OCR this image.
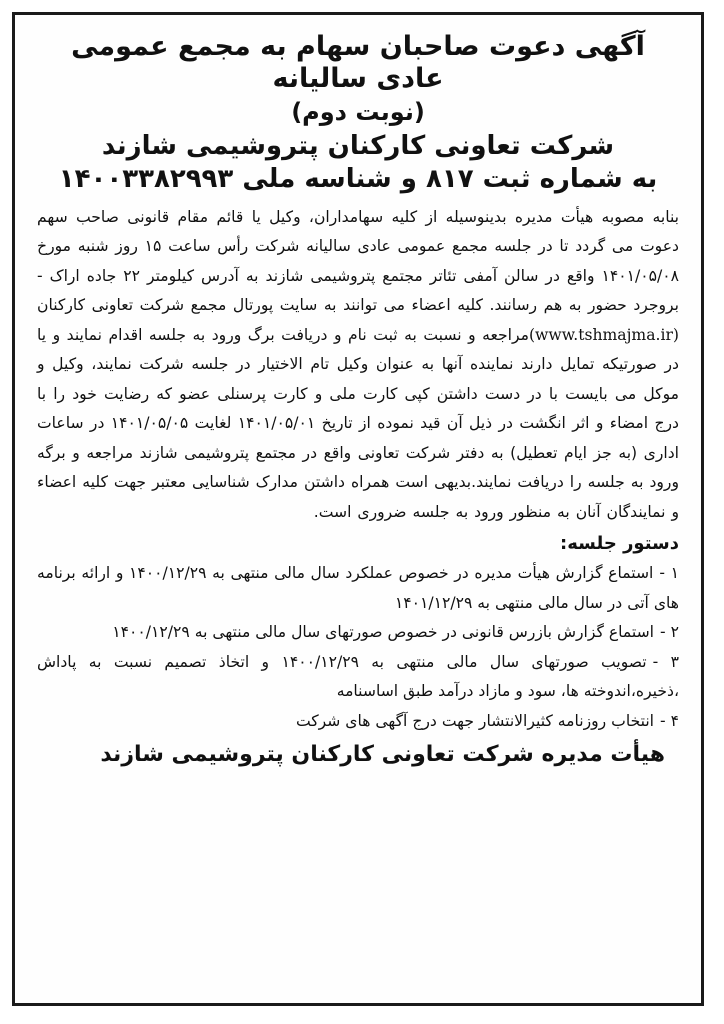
آگهی دعوت صاحبان سهام به مجمع عمومی عادی سالیانه

(نوبت دوم)

شرکت تعاونی کارکنان پتروشیمی شازند

به شماره ثبت ۸۱۷ و شناسه ملی ۱۴۰۰۳۳۸۲۹۹۳

بنابه مصوبه هیأت مدیره بدینوسیله از کلیه سهامداران، وکیل یا قائم مقام قانونی صاحب سهم دعوت می گردد تا در جلسه مجمع عمومی عادی سالیانه شرکت رأس ساعت ۱۵ روز شنبه مورخ ۱۴۰۱/۰۵/۰۸ واقع در سالن آمفی تئاتر مجتمع پتروشیمی شازند به آدرس کیلومتر ۲۲ جاده اراک - بروجرد حضور به هم رسانند. کلیه اعضاء می توانند به سایت پورتال مجمع شرکت تعاونی کارکنان (www.tshmajma.ir)مراجعه و نسبت به ثبت نام و دریافت برگ ورود به جلسه اقدام نمایند و یا در صورتیکه تمایل دارند نماینده آنها به عنوان وکیل تام الاختیار در جلسه شرکت نمایند، وکیل و موکل می بایست با در دست داشتن کپی کارت ملی و کارت پرسنلی عضو که رضایت خود را با درج امضاء و اثر انگشت در ذیل آن قید نموده از تاریخ ۱۴۰۱/۰۵/۰۱ لغایت ۱۴۰۱/۰۵/۰۵ در ساعات اداری (به جز ایام تعطیل) به دفتر شرکت تعاونی واقع در مجتمع پتروشیمی شازند مراجعه و برگه ورود به جلسه را دریافت نمایند.بدیهی است همراه داشتن مدارک شناسایی معتبر جهت کلیه اعضاء و نمایندگان آنان به منظور ورود به جلسه ضروری است.

دستور جلسه:

۱ -استماع گزارش هیأت مدیره در خصوص عملکرد سال مالی منتهی به ۱۴۰۰/۱۲/۲۹ و ارائه برنامه های آتی در سال مالی منتهی به ۱۴۰۱/۱۲/۲۹
۲ -استماع گزارش بازرس قانونی در خصوص صورتهای سال مالی منتهی به ۱۴۰۰/۱۲/۲۹
۳ -تصویب صورتهای سال مالی منتهی به ۱۴۰۰/۱۲/۲۹ و اتخاذ تصمیم نسبت به پاداش ،ذخیره،اندوخته ها، سود و مازاد درآمد طبق اساسنامه
۴ -انتخاب روزنامه کثیرالانتشار جهت درج آگهی های شرکت

هیأت مدیره شرکت تعاونی کارکنان پتروشیمی شازند
